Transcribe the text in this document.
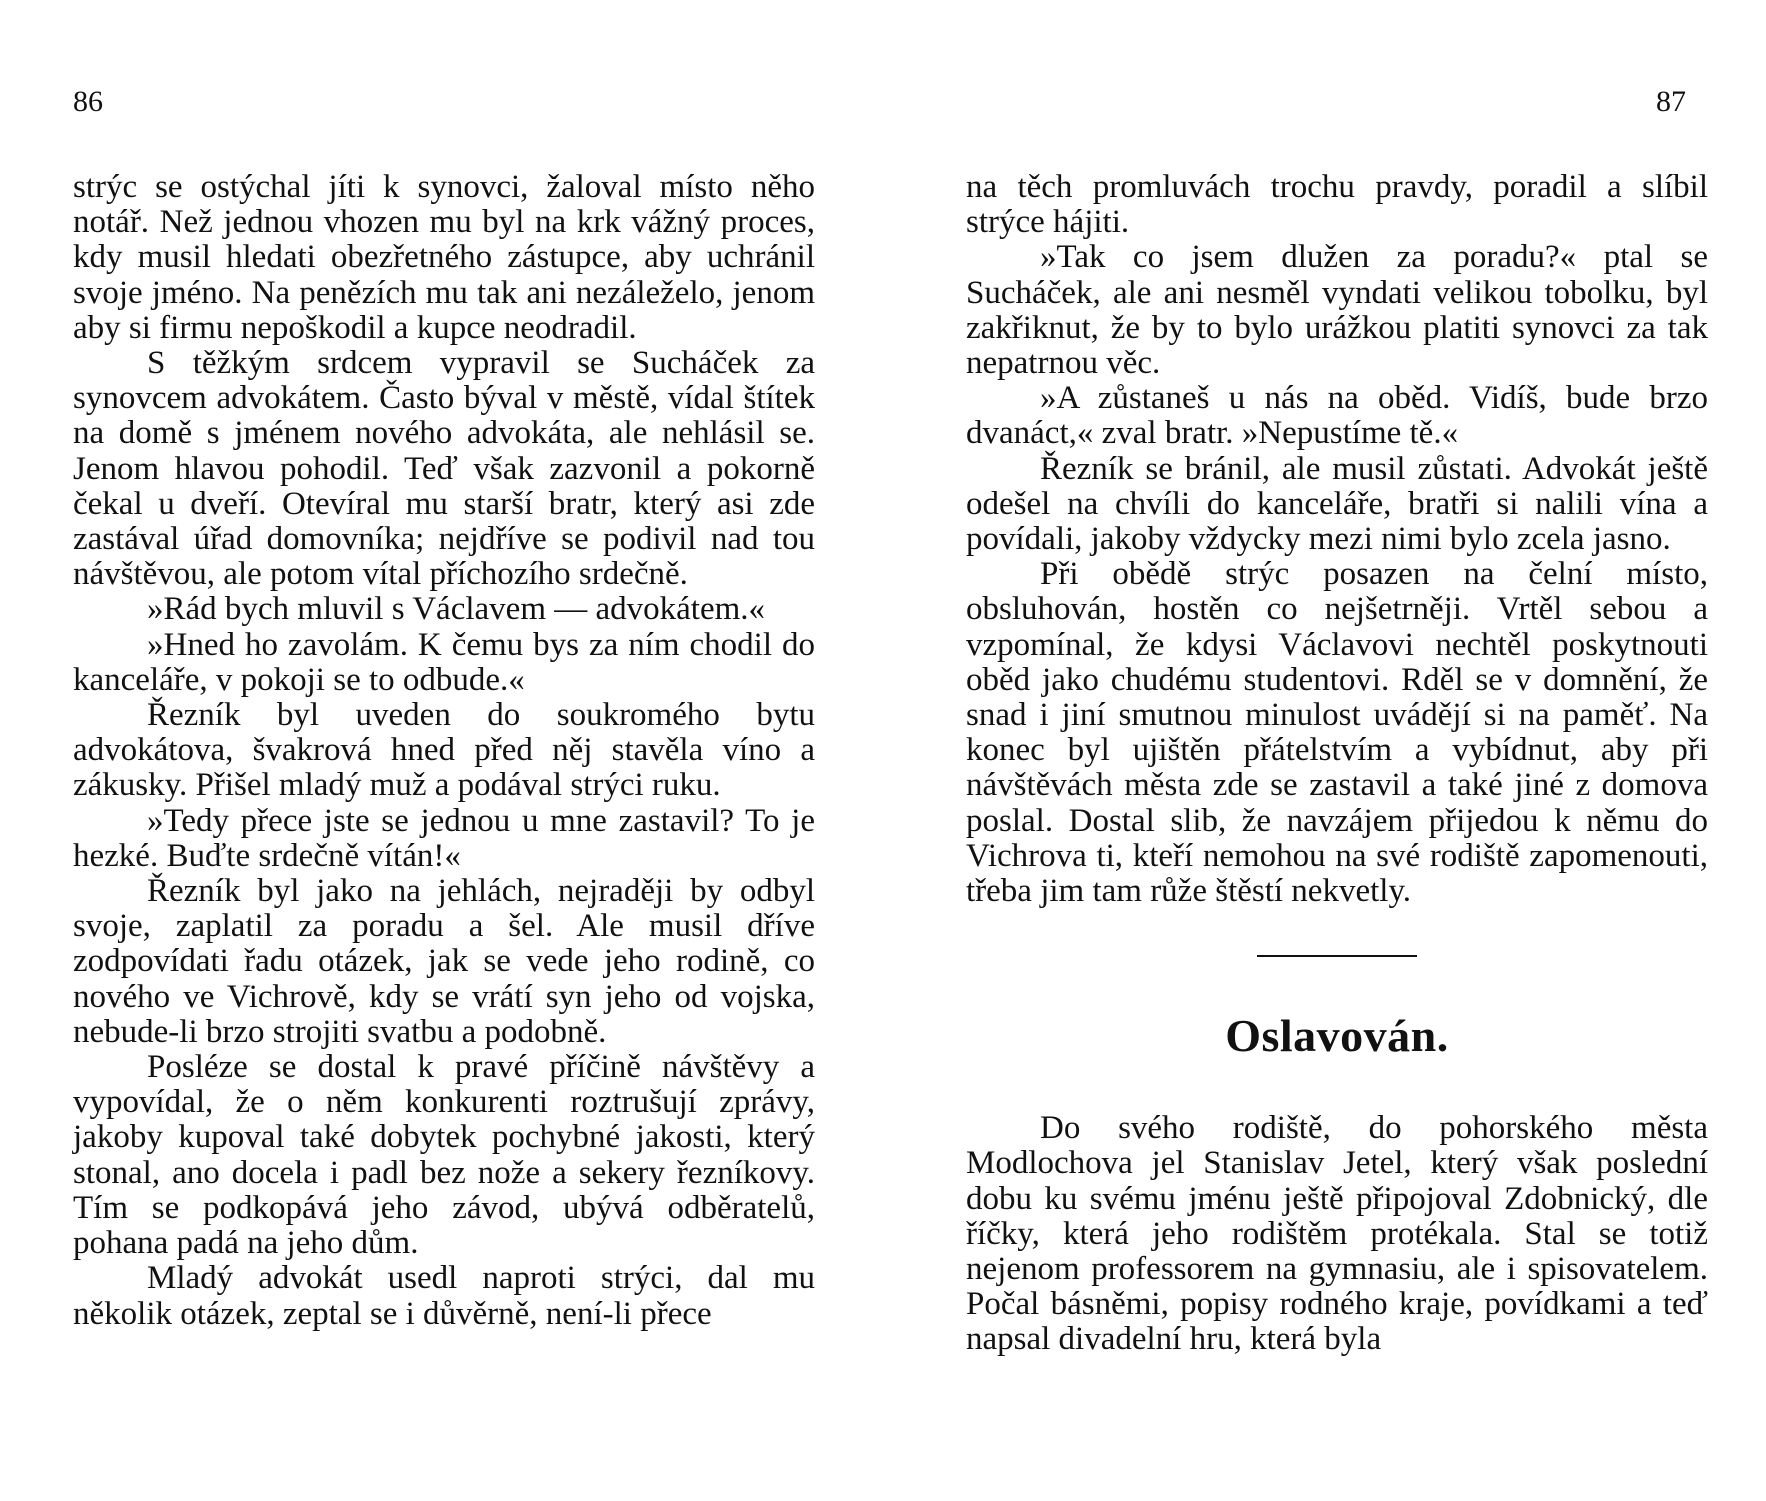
86

strýc se ostýchal jíti k synovci, žaloval místo něho notář. Než jednou vhozen mu byl na krk vážný proces, kdy musil hledati obezřetného zástupce, aby uchránil svoje jméno. Na penězích mu tak ani nezáleželo, jenom aby si firmu nepoškodil a kupce neodradil.

S těžkým srdcem vypravil se Sucháček za synovcem advokátem. Často býval v městě, vídal štítek na domě s jménem nového advokáta, ale nehlásil se. Jenom hlavou pohodil. Teď však zazvonil a pokorně čekal u dveří. Otevíral mu starší bratr, který asi zde zastával úřad domovníka; nejdříve se podivil nad tou návštěvou, ale potom vítal příchozího srdečně.

»Rád bych mluvil s Václavem — advokátem.«

»Hned ho zavolám. K čemu bys za ním chodil do kanceláře, v pokoji se to odbude.«

Řezník byl uveden do soukromého bytu advokátova, švakrová hned před něj stavěla víno a zákusky. Přišel mladý muž a podával strýci ruku.

»Tedy přece jste se jednou u mne zastavil? To je hezké. Buďte srdečně vítán!«

Řezník byl jako na jehlách, nejraději by odbyl svoje, zaplatil za poradu a šel. Ale musil dříve zodpovídati řadu otázek, jak se vede jeho rodině, co nového ve Vichrově, kdy se vrátí syn jeho od vojska, nebude-li brzo strojiti svatbu a podobně.

Posléze se dostal k pravé příčině návštěvy a vypovídal, že o něm konkurenti roztrušují zprávy, jakoby kupoval také dobytek pochybné jakosti, který stonal, ano docela i padl bez nože a sekery řezníkovy. Tím se podkopává jeho závod, ubývá odběratelů, pohana padá na jeho dům.

Mladý advokát usedl naproti strýci, dal mu několik otázek, zeptal se i důvěrně, není-li přece

87

na těch promluvách trochu pravdy, poradil a slíbil strýce hájiti.

»Tak co jsem dlužen za poradu?« ptal se Sucháček, ale ani nesměl vyndati velikou tobolku, byl zakřiknut, že by to bylo urážkou platiti synovci za tak nepatrnou věc.

»A zůstaneš u nás na oběd. Vidíš, bude brzo dvanáct,« zval bratr. »Nepustíme tě.«

Řezník se bránil, ale musil zůstati. Advokát ještě odešel na chvíli do kanceláře, bratři si nalili vína a povídali, jakoby vždycky mezi nimi bylo zcela jasno.

Při obědě strýc posazen na čelní místo, obsluhován, hostěn co nejšetrněji. Vrtěl sebou a vzpomínal, že kdysi Václavovi nechtěl poskytnouti oběd jako chudému studentovi. Rděl se v domnění, že snad i jiní smutnou minulost uvádějí si na paměť. Na konec byl ujištěn přátelstvím a vybídnut, aby při návštěvách města zde se zastavil a také jiné z domova poslal. Dostal slib, že navzájem přijedou k němu do Vichrova ti, kteří nemohou na své rodiště zapomenouti, třeba jim tam růže štěstí nekvetly.

Oslavován.

Do svého rodiště, do pohorského města Modlochova jel Stanislav Jetel, který však poslední dobu ku svému jménu ještě připojoval Zdobnický, dle říčky, která jeho rodištěm protékala. Stal se totiž nejenom professorem na gymnasiu, ale i spisovatelem. Počal básněmi, popisy rodného kraje, povídkami a teď napsal divadelní hru, která byla
